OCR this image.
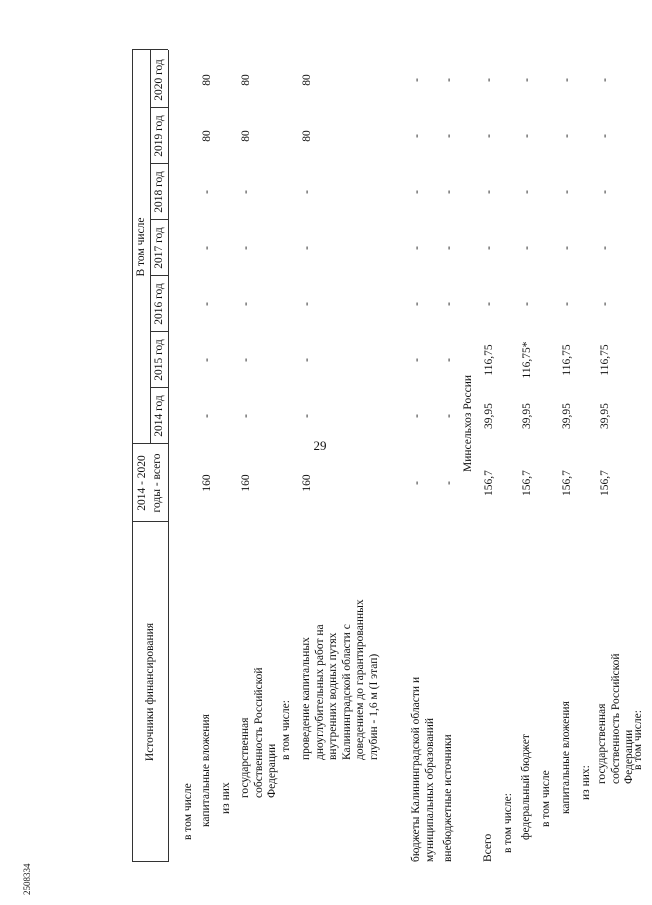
29
Источники финансирования
2014 - 2020 годы - всего
В том числе
2014 год
2015 год
2016 год
2017 год
2018 год
2019 год
2020 год
в том числе капитальные вложения
160
-
-
-
-
-
80
80
из них
государственная собственность Российской Федерации
160
-
-
-
-
-
80
80
в том числе: проведение капитальных дноуглубительных работ на внутренних водных путях Калининградской области с доведением до гарантированных глубин - 1,6 м (I этап)
160
-
-
-
-
-
80
80
бюджеты Калининградской области и муниципальных образований
-
-
-
-
-
-
-
-
внебюджетные источники
-
-
-
-
-
-
-
-
Минсельхоз России
Всего
156,7
39,95
116,75
-
-
-
-
-
в том числе: федеральный бюджет
156,7
39,95
116,75*
-
-
-
-
-
в том числе капитальные вложения
156,7
39,95
116,75
-
-
-
-
-
из них: государственная собственность Российской Федерации
156,7
39,95
116,75
-
-
-
-
-
в том числе:
2508334
